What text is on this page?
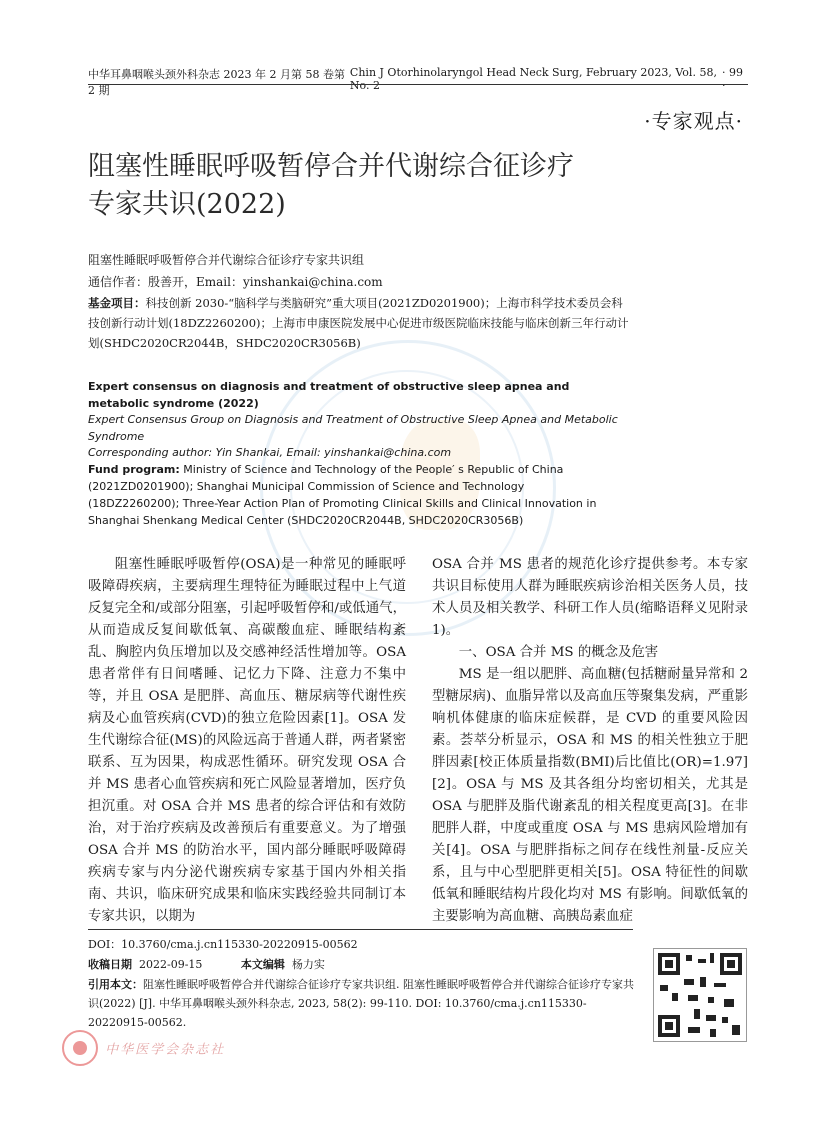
中华耳鼻咽喉头颈外科杂志 2023 年 2 月第 58 卷第 2 期
Chin J Otorhinolaryngol Head Neck Surg, February 2023, Vol. 58, No. 2
· 99 ·
·专家观点·
阻塞性睡眠呼吸暂停合并代谢综合征诊疗
专家共识(2022)
阻塞性睡眠呼吸暂停合并代谢综合征诊疗专家共识组
通信作者：殷善开，Email：yinshankai@china.com
基金项目：科技创新 2030-“脑科学与类脑研究”重大项目(2021ZD0201900)；上海市科学技术委员会科技创新行动计划(18DZ2260200)；上海市申康医院发展中心促进市级医院临床技能与临床创新三年行动计划(SHDC2020CR2044B，SHDC2020CR3056B)
Expert consensus on diagnosis and treatment of obstructive sleep apnea and metabolic syndrome (2022)
Expert Consensus Group on Diagnosis and Treatment of Obstructive Sleep Apnea and Metabolic Syndrome
Corresponding author: Yin Shankai, Email: yinshankai@china.com
Fund program: Ministry of Science and Technology of the People′ s Republic of China (2021ZD0201900); Shanghai Municipal Commission of Science and Technology (18DZ2260200); Three-Year Action Plan of Promoting Clinical Skills and Clinical Innovation in Shanghai Shenkang Medical Center (SHDC2020CR2044B, SHDC2020CR3056B)

阻塞性睡眠呼吸暂停(OSA)是一种常见的睡眠呼吸障碍疾病，主要病理生理特征为睡眠过程中上气道反复完全和/或部分阻塞，引起呼吸暂停和/或低通气，从而造成反复间歇低氧、高碳酸血症、睡眠结构紊乱、胸腔内负压增加以及交感神经活性增加等。OSA 患者常伴有日间嗜睡、记忆力下降、注意力不集中等，并且 OSA 是肥胖、高血压、糖尿病等代谢性疾病及心血管疾病(CVD)的独立危险因素[1]。OSA 发生代谢综合征(MS)的风险远高于普通人群，两者紧密联系、互为因果，构成恶性循环。研究发现 OSA 合并 MS 患者心血管疾病和死亡风险显著增加，医疗负担沉重。对 OSA 合并 MS 患者的综合评估和有效防治，对于治疗疾病及改善预后有重要意义。为了增强 OSA 合并 MS 的防治水平，国内部分睡眠呼吸障碍疾病专家与内分泌代谢疾病专家基于国内外相关指南、共识，临床研究成果和临床实践经验共同制订本专家共识，以期为

OSA 合并 MS 患者的规范化诊疗提供参考。本专家共识目标使用人群为睡眠疾病诊治相关医务人员，技术人员及相关教学、科研工作人员(缩略语释义见附录1)。

一、OSA 合并 MS 的概念及危害

MS 是一组以肥胖、高血糖(包括糖耐量异常和 2 型糖尿病)、血脂异常以及高血压等聚集发病，严重影响机体健康的临床症候群，是 CVD 的重要风险因素。荟萃分析显示，OSA 和 MS 的相关性独立于肥胖因素[校正体质量指数(BMI)后比值比(OR)=1.97][2]。OSA 与 MS 及其各组分均密切相关，尤其是 OSA 与肥胖及脂代谢紊乱的相关程度更高[3]。在非肥胖人群，中度或重度 OSA 与 MS 患病风险增加有关[4]。OSA 与肥胖指标之间存在线性剂量-反应关系，且与中心型肥胖更相关[5]。OSA 特征性的间歇低氧和睡眠结构片段化均对 MS 有影响。间歇低氧的主要影响为高血糖、高胰岛素血症

DOI：10.3760/cma.j.cn115330-20220915-00562
收稿日期 2022-09-15	本文编辑 杨力实
引用本文：阻塞性睡眠呼吸暂停合并代谢综合征诊疗专家共识组. 阻塞性睡眠呼吸暂停合并代谢综合征诊疗专家共识(2022) [J]. 中华耳鼻咽喉头颈外科杂志, 2023, 58(2): 99-110. DOI: 10.3760/cma.j.cn115330-20220915-00562.
中华医学会杂志社
